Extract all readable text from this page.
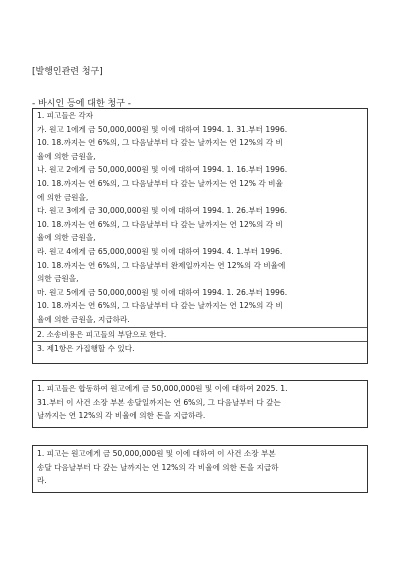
[발행인관련 청구]
- 바시인 등에 대한 청구 -
1. 피고들은 각자
가. 원고 1에게 금 50,000,000원 및 이에 대하여 1994. 1. 31.부터 1996.
10. 18.까지는 연 6%의, 그 다음날부터 다 갚는 날까지는 연 12%의 각 비
율에 의한 금원을,
나. 원고 2에게 금 50,000,000원 및 이에 대하여 1994. 1. 16.부터 1996.
10. 18.까지는 연 6%의, 그 다음날부터 다 갚는 날까지는 연 12% 각 비율
에 의한 금원을,
다. 원고 3에게 금 30,000,000원 및 이에 대하여 1994. 1. 26.부터 1996.
10. 18.까지는 연 6%의, 그 다음날부터 다 갚는 날까지는 연 12%의 각 비
율에 의한 금원을,
라. 원고 4에게 금 65,000,000원 및 이에 대하여 1994. 4. 1.부터 1996.
10. 18.까지는 연 6%의, 그 다음날부터 완제일까지는 연 12%의 각 비율에
의한 금원을,
마. 원고 5에게 금 50,000,000원 및 이에 대하여 1994. 1. 26.부터 1996.
10. 18.까지는 연 6%의, 그 다음날부터 다 갚는 날까지는 연 12%의 각 비
율에 의한 금원을, 지급하라.
2. 소송비용은 피고들의 부담으로 한다.
3. 제1항은 가집행할 수 있다.
1. 피고들은 합동하여 원고에게 금 50,000,000원 및 이에 대하여 2025. 1.
31.부터 이 사건 소장 부본 송달일까지는 연 6%의, 그 다음날부터 다 갚는
날까지는 연 12%의 각 비율에 의한 돈을 지급하라.
1. 피고는 원고에게 금 50,000,000원 및 이에 대하여 이 사건 소장 부본
송달 다음날부터 다 갚는 날까지는 연 12%의 각 비율에 의한 돈을 지급하
라.
